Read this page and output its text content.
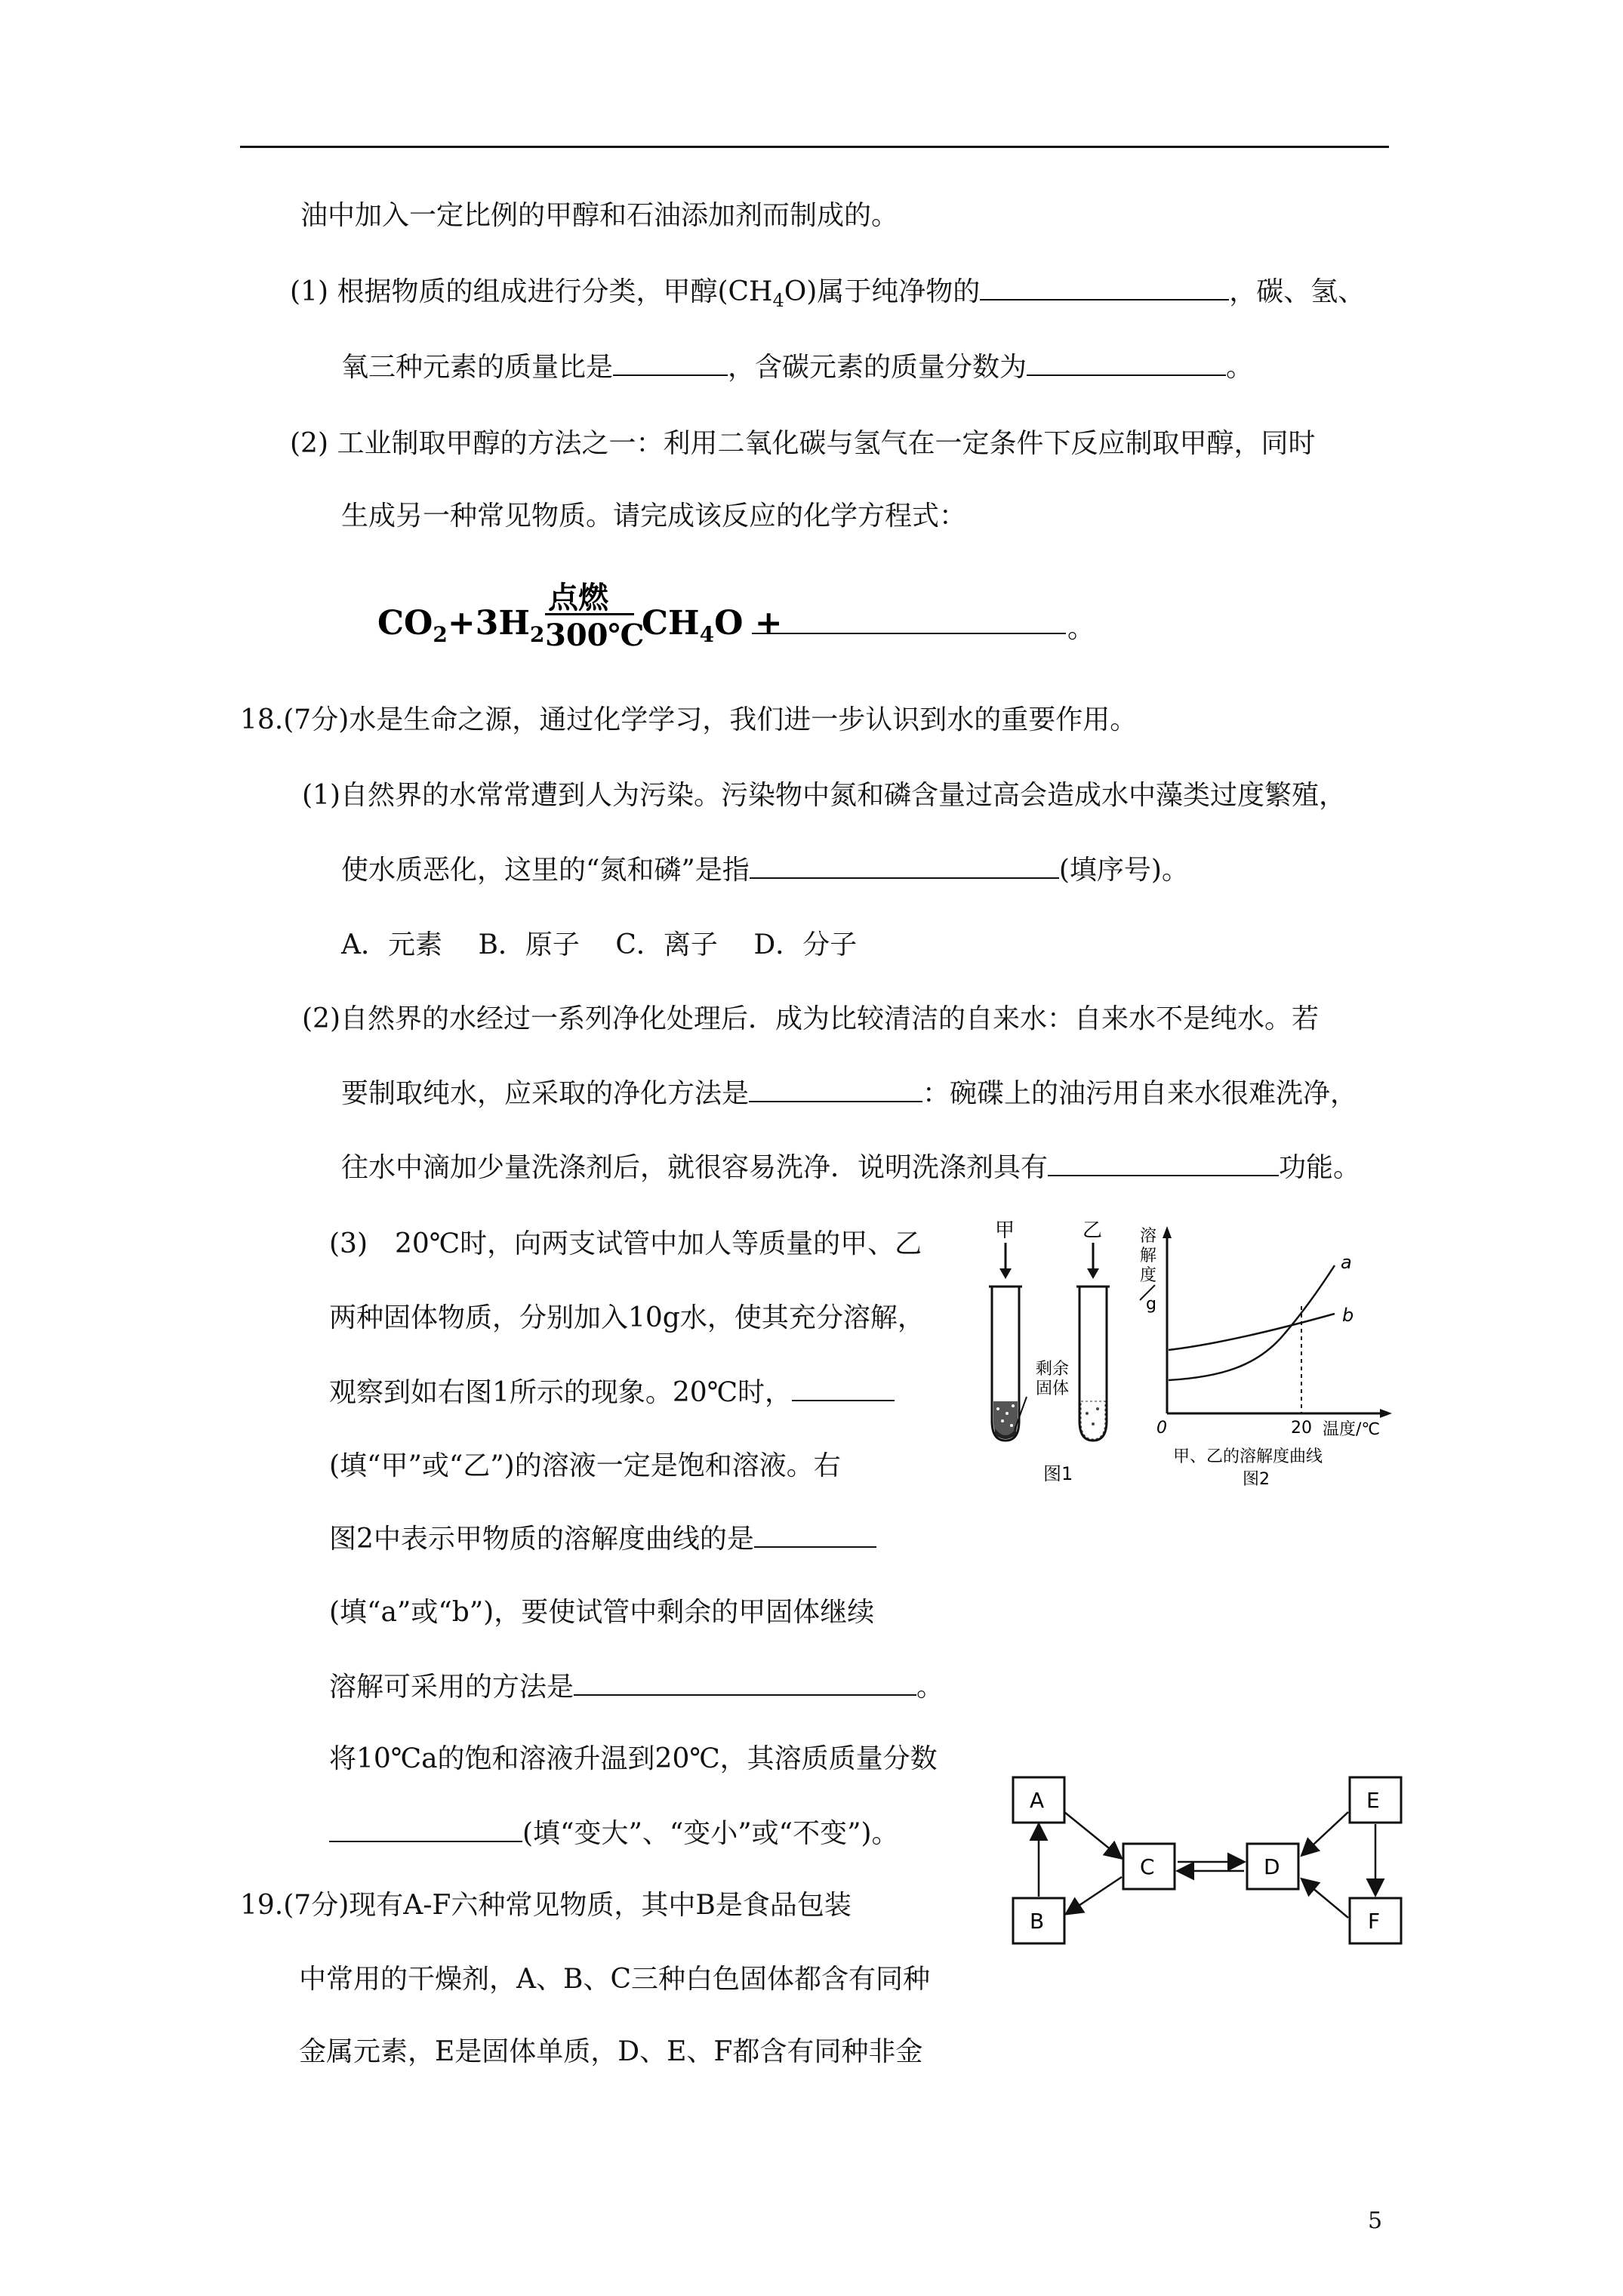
油中加入一定比例的甲醇和石油添加剂而制成的。
(1) 根据物质的组成进行分类，甲醇$(CH_4O)$属于纯净物的	，碳、氢、
氧三种元素的质量比是	，含碳元素的质量分数为	。
(2) 工业制取甲醇的方法之一：利用二氧化碳与氢气在一定条件下反应制取甲醇，同时
生成另一种常见物质。请完成该反应的化学方程式：
$CO_2+3H_2$
点燃
300℃
$CH_4O$ +	。
18.(7分)水是生命之源，通过化学学习，我们进一步认识到水的重要作用。
(1)自然界的水常常遭到人为污染。污染物中氮和磷含量过高会造成水中藻类过度繁殖，
使水质恶化，这里的“氮和磷”是指	(填序号)。
A．元素　 B．原子　 C．离子　 D．分子
(2)自然界的水经过一系列净化处理后．成为比较清洁的自来水：自来水不是纯水。若
要制取纯水，应采取的净化方法是	：碗碟上的油污用自来水很难洗净，
往水中滴加少量洗涤剂后，就很容易洗净．说明洗涤剂具有	功能。
(3)　20℃时，向两支试管中加人等质量的甲、乙
两种固体物质，分别加入10g水，使其充分溶解，
观察到如右图1所示的现象。20℃时，
(填“甲”或“乙”)的溶液一定是饱和溶液。右
图2中表示甲物质的溶解度曲线的是
(填“a”或“b”)，要使试管中剩余的甲固体继续
溶解可采用的方法是	。
将10℃a的饱和溶液升温到20℃，其溶质质量分数
(填“变大”、“变小”或“不变”)。
19.(7分)现有A-F六种常见物质，其中B是食品包装
中常用的干燥剂，A、B、C三种白色固体都含有同种
金属元素，E是固体单质，D、E、F都含有同种非金
5
甲	乙
剩余固体
图1
溶
解
度
g
a
b
0	20 温度/℃
甲、乙的溶解度曲线
图2
A
B
C	D
E
F
